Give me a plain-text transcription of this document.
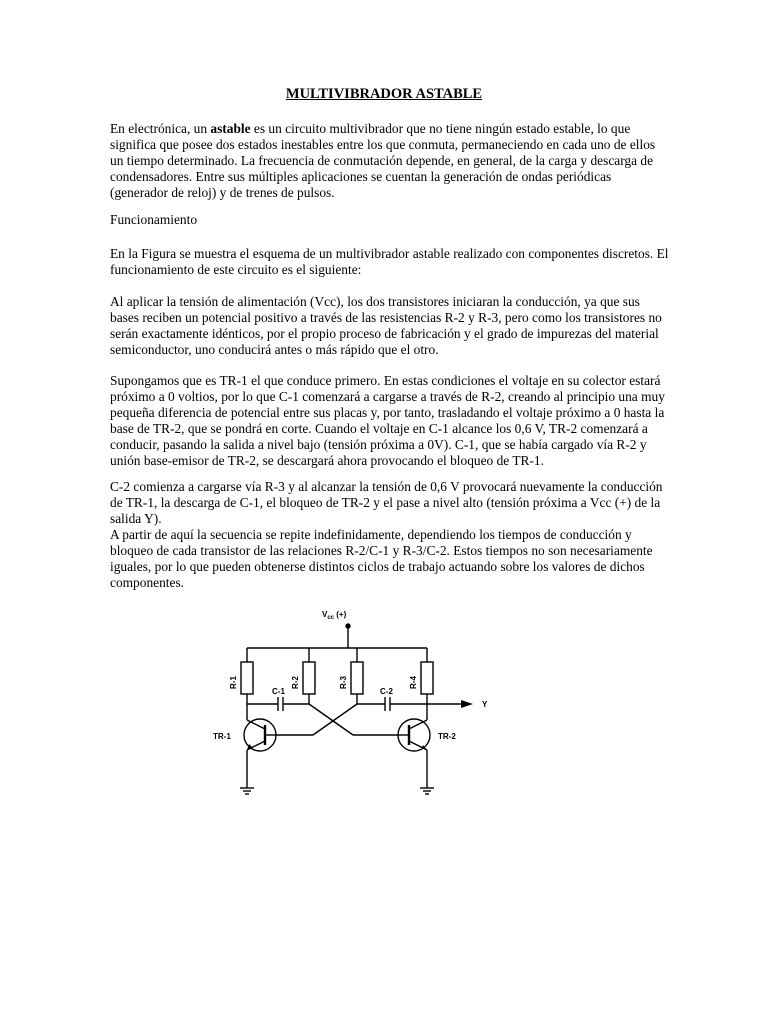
MULTIVIBRADOR ASTABLE

En electrónica, un astable es un circuito multivibrador que no tiene ningún estado estable, lo que significa que posee dos estados inestables entre los que conmuta, permaneciendo en cada uno de ellos un tiempo determinado. La frecuencia de conmutación depende, en general, de la carga y descarga de condensadores. Entre sus múltiples aplicaciones se cuentan la generación de ondas periódicas (generador de reloj) y de trenes de pulsos.

Funcionamiento

En la Figura se muestra el esquema de un multivibrador astable realizado con componentes discretos. El funcionamiento de este circuito es el siguiente:

Al aplicar la tensión de alimentación (Vcc), los dos transistores iniciaran la conducción, ya que sus bases reciben un potencial positivo a través de las resistencias R-2 y R-3, pero como los transistores no serán exactamente idénticos, por el propio proceso de fabricación y el grado de impurezas del material semiconductor, uno conducirá antes o más rápido que el otro.

Supongamos que es TR-1 el que conduce primero. En estas condiciones el voltaje en su colector estará próximo a 0 voltios, por lo que C-1 comenzará a cargarse a través de R-2, creando al principio una muy pequeña diferencia de potencial entre sus placas y, por tanto, trasladando el voltaje próximo a 0 hasta la base de TR-2, que se pondrá en corte. Cuando el voltaje en C-1 alcance los 0,6 V, TR-2 comenzará a conducir, pasando la salida a nivel bajo (tensión próxima a 0V). C-1, que se había cargado vía R-2 y unión base-emisor de TR-2, se descargará ahora provocando el bloqueo de TR-1.

C-2 comienza a cargarse vía R-3 y al alcanzar la tensión de 0,6 V provocará nuevamente la conducción de TR-1, la descarga de C-1, el bloqueo de TR-2 y el pase a nivel alto (tensión próxima a Vcc (+) de la salida Y).

A partir de aquí la secuencia se repite indefinidamente, dependiendo los tiempos de conducción y bloqueo de cada transistor de las relaciones R-2/C-1 y R-3/C-2. Estos tiempos no son necesariamente iguales, por lo que pueden obtenerse distintos ciclos de trabajo actuando sobre los valores de dichos componentes.

$V_{cc}$ (+)
R-1	R-2	R-3	R-4
C-1	C-2
TR-1	TR-2
Y
